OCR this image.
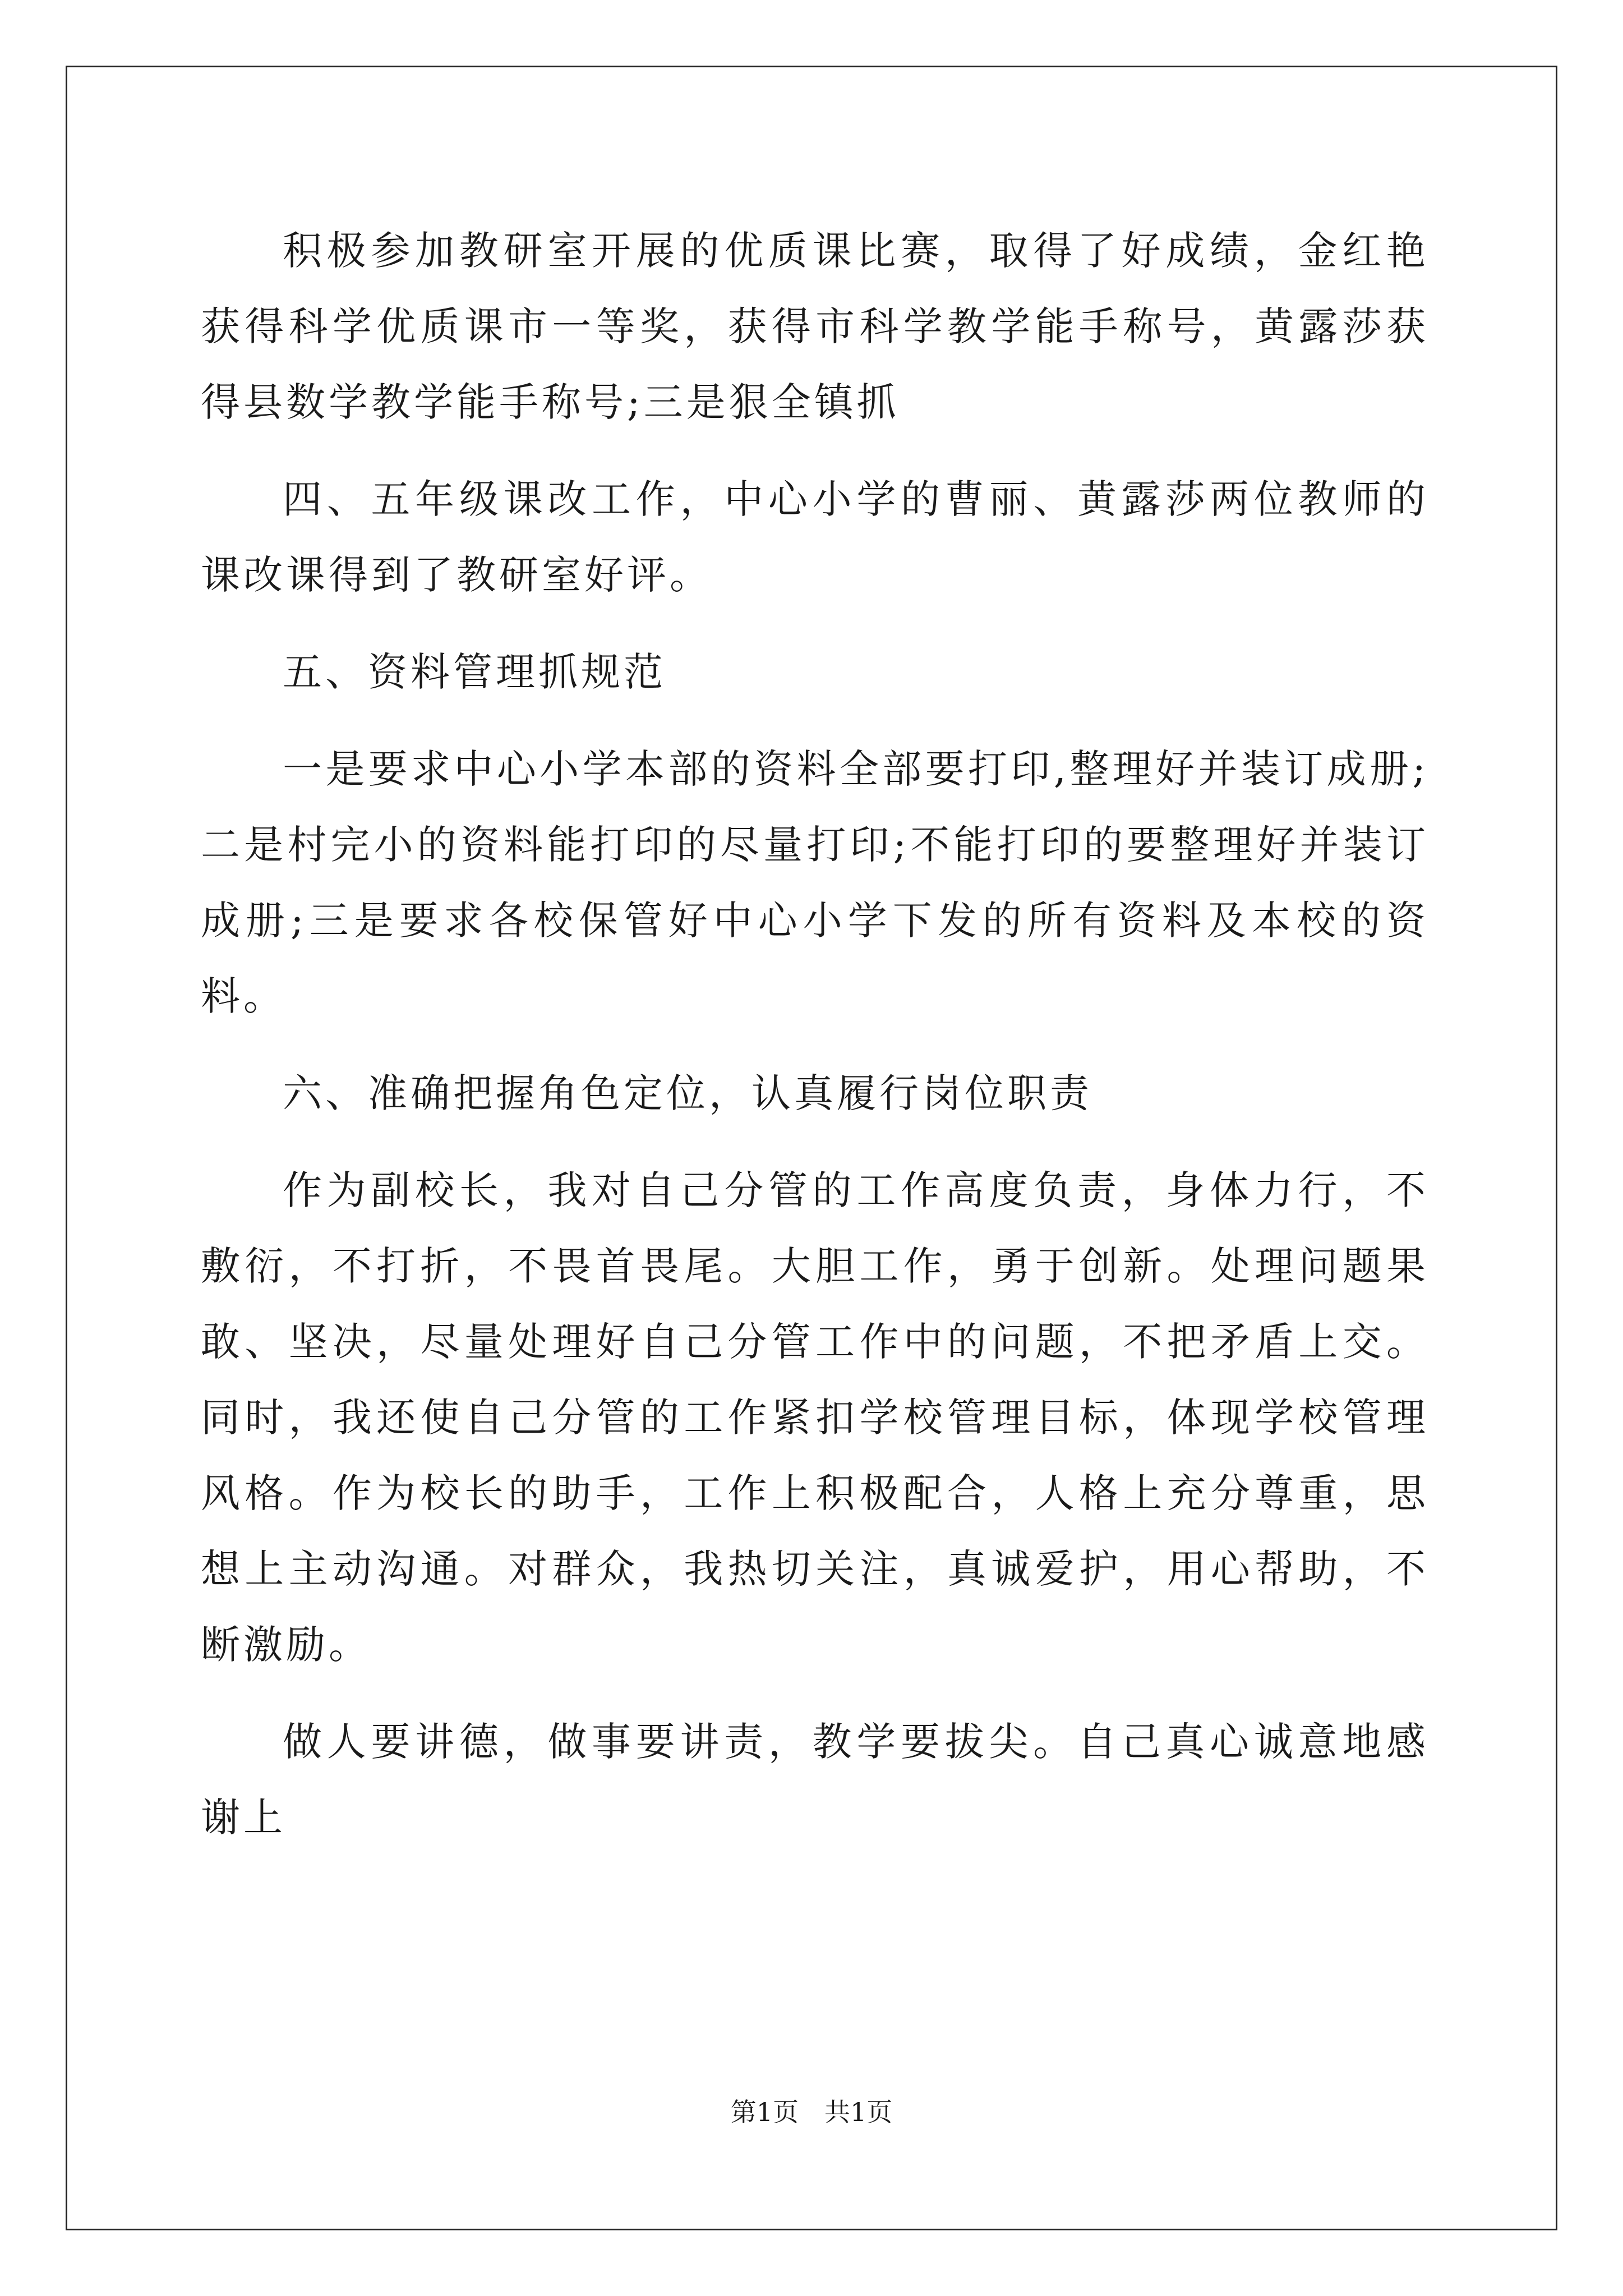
积极参加教研室开展的优质课比赛，取得了好成绩，金红艳获得科学优质课市一等奖，获得市科学教学能手称号，黄露莎获得县数学教学能手称号;三是狠全镇抓

四、五年级课改工作，中心小学的曹丽、黄露莎两位教师的课改课得到了教研室好评。

五、资料管理抓规范

一是要求中心小学本部的资料全部要打印,整理好并装订成册;二是村完小的资料能打印的尽量打印;不能打印的要整理好并装订成册;三是要求各校保管好中心小学下发的所有资料及本校的资料。

六、准确把握角色定位，认真履行岗位职责

作为副校长，我对自己分管的工作高度负责，身体力行，不敷衍，不打折，不畏首畏尾。大胆工作，勇于创新。处理问题果敢、坚决，尽量处理好自己分管工作中的问题，不把矛盾上交。同时，我还使自己分管的工作紧扣学校管理目标，体现学校管理风格。作为校长的助手，工作上积极配合，人格上充分尊重，思想上主动沟通。对群众，我热切关注，真诚爱护，用心帮助，不断激励。

做人要讲德，做事要讲责，教学要拔尖。自己真心诚意地感谢上

第1页　共1页
